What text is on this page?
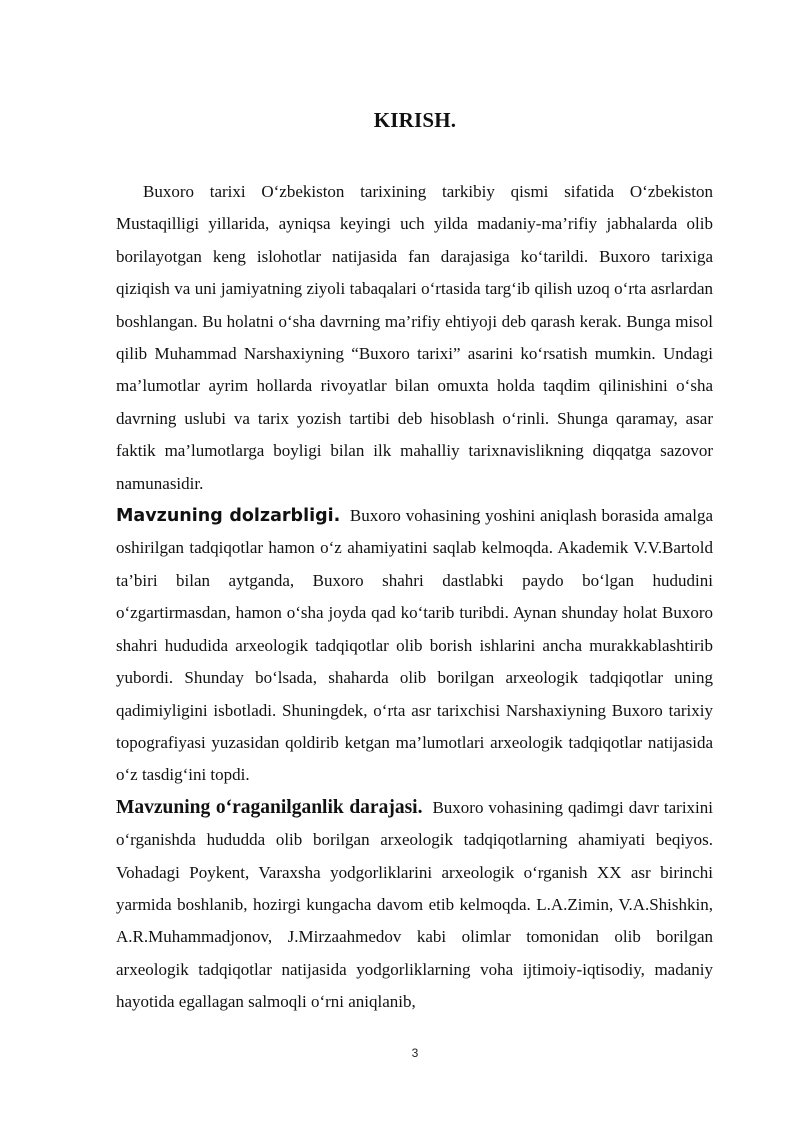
KIRISH.

Buxoro tarixi O‘zbekiston tarixining tarkibiy qismi sifatida O‘zbekiston Mustaqilligi yillarida, ayniqsa keyingi uch yilda madaniy-ma’rifiy jabhalarda olib borilayotgan keng islohotlar natijasida fan darajasiga ko‘tarildi. Buxoro tarixiga qiziqish va uni jamiyatning ziyoli tabaqalari o‘rtasida targ‘ib qilish uzoq o‘rta asrlardan boshlangan. Bu holatni o‘sha davrning ma’rifiy ehtiyoji deb qarash kerak. Bunga misol qilib Muhammad Narshaxiyning “Buxoro tarixi” asarini ko‘rsatish mumkin. Undagi ma’lumotlar ayrim hollarda rivoyatlar bilan omuxta holda taqdim qilinishini o‘sha davrning uslubi va tarix yozish tartibi deb hisoblash o‘rinli. Shunga qaramay, asar faktik ma’lumotlarga boyligi bilan ilk mahalliy tarixnavislikning diqqatga sazovor namunasidir.

Mavzuning dolzarbligi. Buxoro vohasining yoshini aniqlash borasida amalga oshirilgan tadqiqotlar hamon o‘z ahamiyatini saqlab kelmoqda. Akademik V.V.Bartold ta’biri bilan aytganda, Buxoro shahri dastlabki paydo bo‘lgan hududini o‘zgartirmasdan, hamon o‘sha joyda qad ko‘tarib turibdi. Aynan shunday holat Buxoro shahri hududida arxeologik tadqiqotlar olib borish ishlarini ancha murakkablashtirib yubordi. Shunday bo‘lsada, shaharda olib borilgan arxeologik tadqiqotlar uning qadimiyligini isbotladi. Shuningdek, o‘rta asr tarixchisi Narshaxiyning Buxoro tarixiy topografiyasi yuzasidan qoldirib ketgan ma’lumotlari arxeologik tadqiqotlar natijasida o‘z tasdig‘ini topdi.

Mavzuning o‘raganilganlik darajasi. Buxoro vohasining qadimgi davr tarixini o‘rganishda hududda olib borilgan arxeologik tadqiqotlarning ahamiyati beqiyos. Vohadagi Poykent, Varaxsha yodgorliklarini arxeologik o‘rganish XX asr birinchi yarmida boshlanib, hozirgi kungacha davom etib kelmoqda. L.A.Zimin, V.A.Shishkin, A.R.Muhammadjonov, J.Mirzaahmedov kabi olimlar tomonidan olib borilgan arxeologik tadqiqotlar natijasida yodgorliklarning voha ijtimoiy-iqtisodiy, madaniy hayotida egallagan salmoqli o‘rni aniqlanib,

3
